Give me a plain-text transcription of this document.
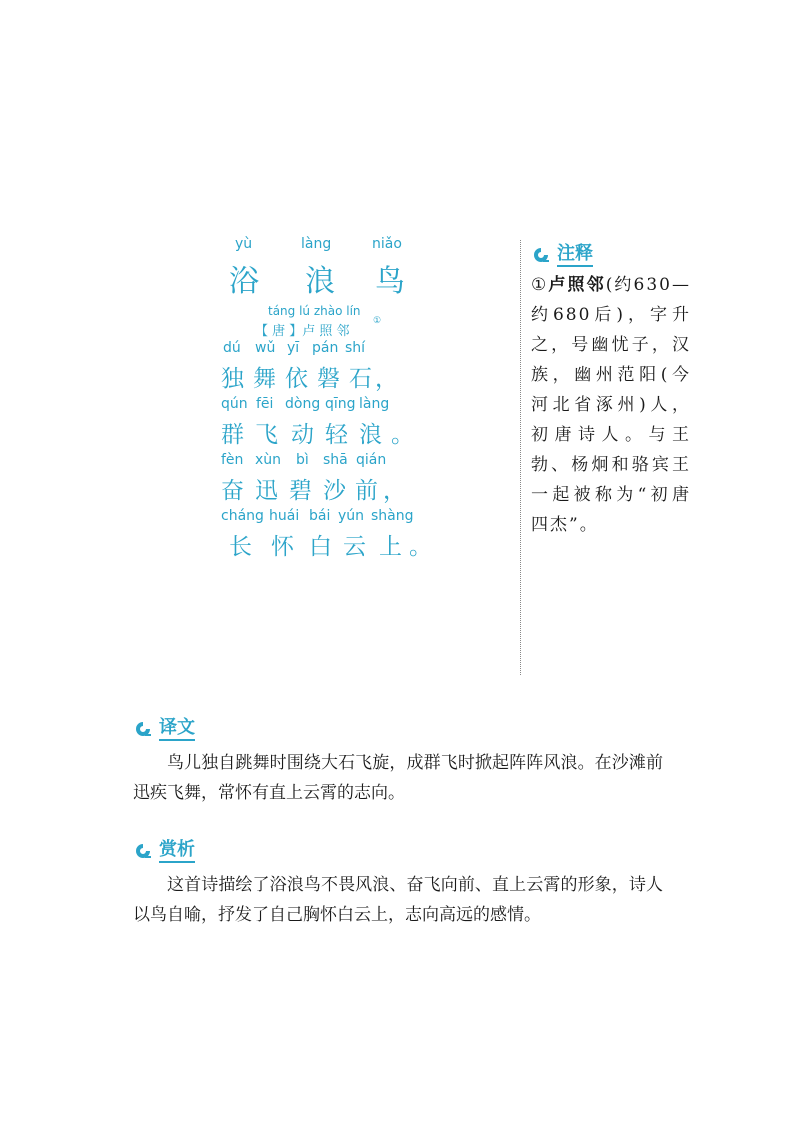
yù	làng	niǎo
浴 浪 鸟
táng lú zhào lín
【 唐 】卢 照 邻
①
dú wǔ yī pán shí
独 舞 依 磐 石 ，
qún fēi dòng qīng làng
群 飞 动 轻 浪 。
fèn xùn bì shā qián
奋 迅 碧 沙 前 ，
cháng huái bái yún shàng
长 怀 白 云 上 。
注释
①卢照邻(约630—约680后)，字升之，号幽忧子，汉族，幽州范阳(今河北省涿州)人，初唐诗人。与王勃、杨炯和骆宾王一起被称为“初唐四杰”。
译文

鸟儿独自跳舞时围绕大石飞旋，成群飞时掀起阵阵风浪。在沙滩前迅疾飞舞，常怀有直上云霄的志向。

赏析

这首诗描绘了浴浪鸟不畏风浪、奋飞向前、直上云霄的形象，诗人以鸟自喻，抒发了自己胸怀白云上，志向高远的感情。
